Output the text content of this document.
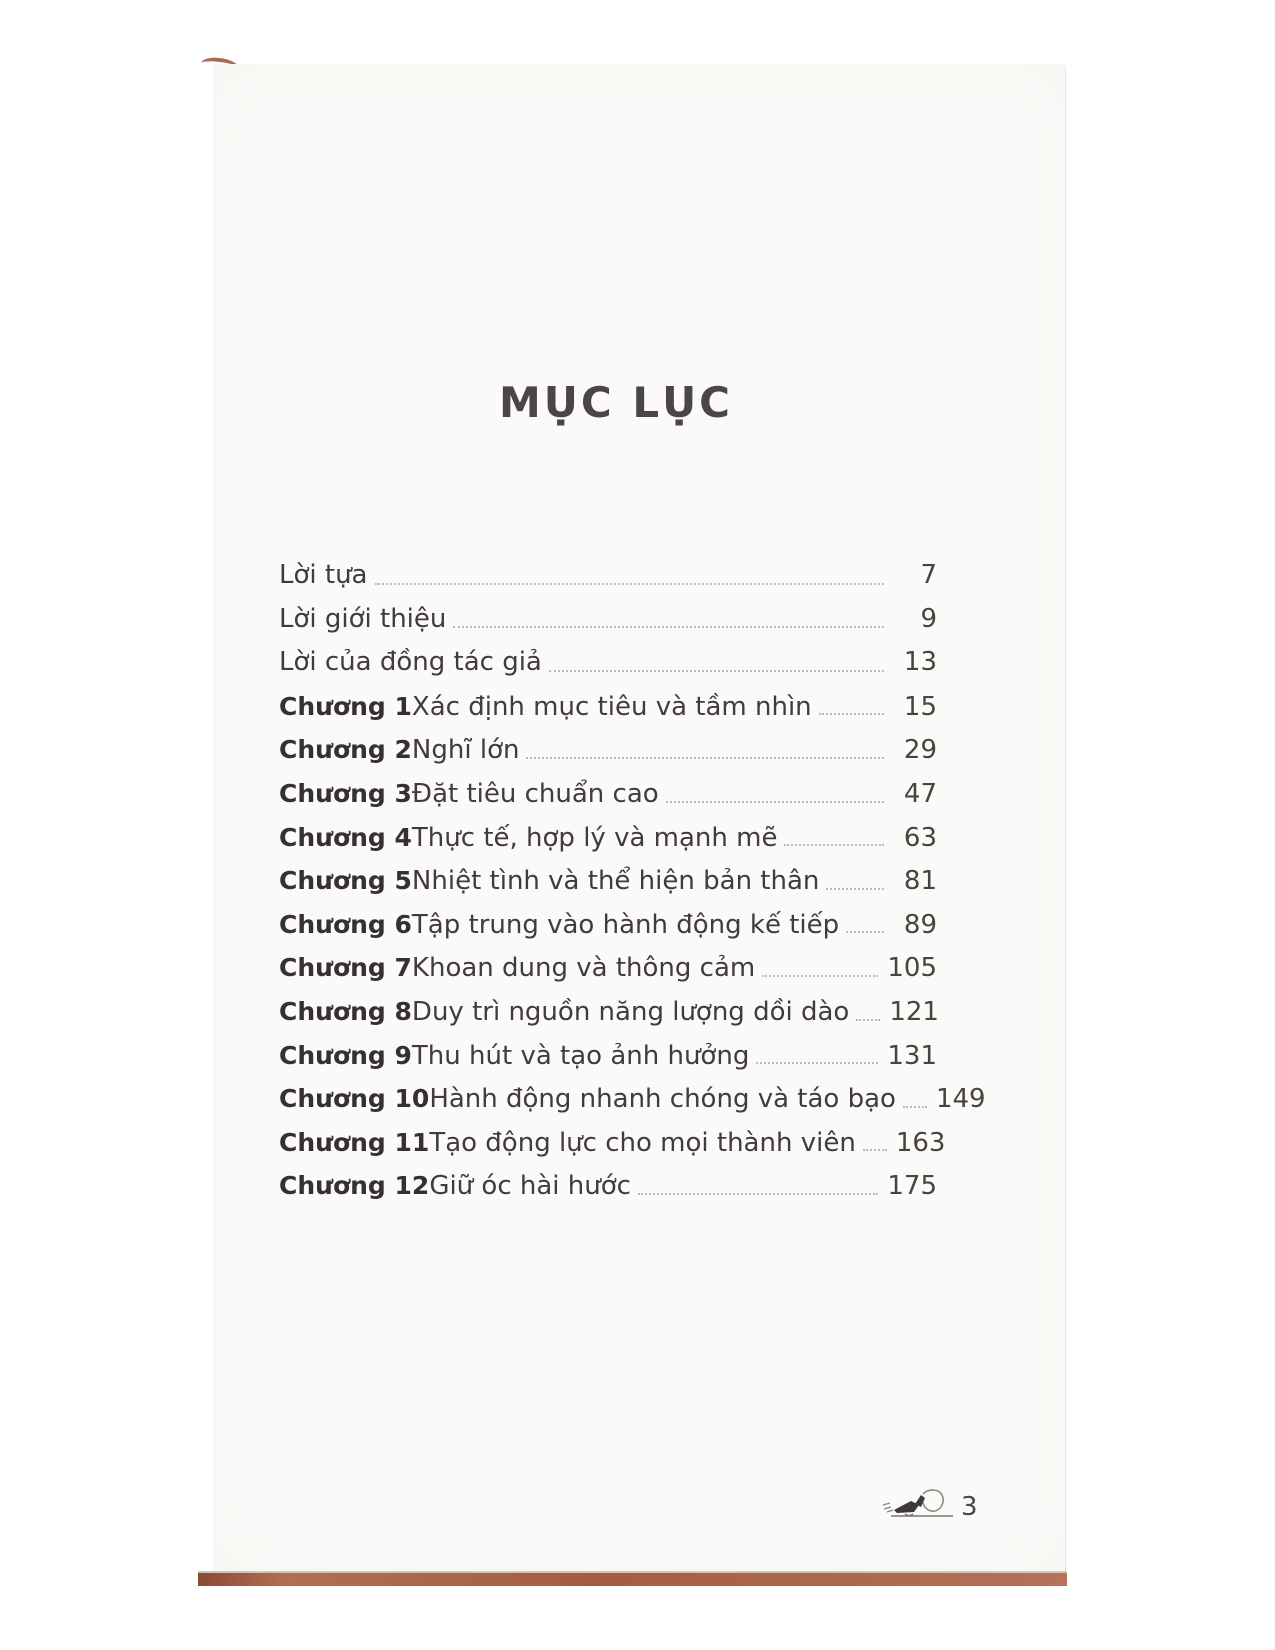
MỤC LỤC
Lời tựa	7
Lời giới thiệu	9
Lời của đồng tác giả	13
Chương 1 Xác định mục tiêu và tầm nhìn	15
Chương 2 Nghĩ lớn	29
Chương 3 Đặt tiêu chuẩn cao	47
Chương 4 Thực tế, hợp lý và mạnh mẽ	63
Chương 5 Nhiệt tình và thể hiện bản thân	81
Chương 6 Tập trung vào hành động kế tiếp	89
Chương 7 Khoan dung và thông cảm	105
Chương 8 Duy trì nguồn năng lượng dồi dào 121
Chương 9 Thu hút và tạo ảnh hưởng	131
Chương 10 Hành động nhanh chóng và táo bạo 149
Chương 11 Tạo động lực cho mọi thành viên 163
Chương 12 Giữ óc hài hước	175
3
